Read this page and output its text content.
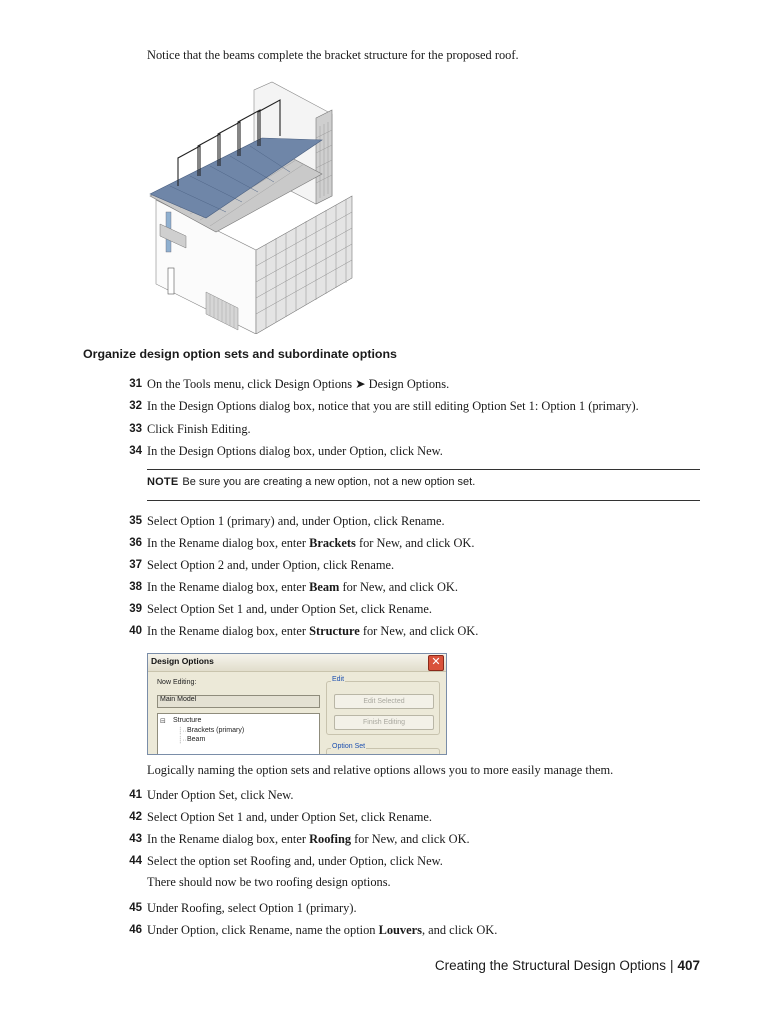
Notice that the beams complete the bracket structure for the proposed roof.
Organize design option sets and subordinate options
31 On the Tools menu, click Design Options ➤ Design Options.
32 In the Design Options dialog box, notice that you are still editing Option Set 1: Option 1 (primary).
33 Click Finish Editing.
34 In the Design Options dialog box, under Option, click New.
NOTE Be sure you are creating a new option, not a new option set.
35 Select Option 1 (primary) and, under Option, click Rename.
36 In the Rename dialog box, enter Brackets for New, and click OK.
37 Select Option 2 and, under Option, click Rename.
38 In the Rename dialog box, enter Beam for New, and click OK.
39 Select Option Set 1 and, under Option Set, click Rename.
40 In the Rename dialog box, enter Structure for New, and click OK.
Design Options	✕
Now Editing:
Main Model
⊟ Structure
┊·· Brackets (primary)
┊·· Beam
Edit
Edit Selected
Finish Editing
Option Set
Logically naming the option sets and relative options allows you to more easily manage them.
41 Under Option Set, click New.
42 Select Option Set 1 and, under Option Set, click Rename.
43 In the Rename dialog box, enter Roofing for New, and click OK.
44 Select the option set Roofing and, under Option, click New.
There should now be two roofing design options.
45 Under Roofing, select Option 1 (primary).
46 Under Option, click Rename, name the option Louvers, and click OK.
Creating the Structural Design Options | 407
